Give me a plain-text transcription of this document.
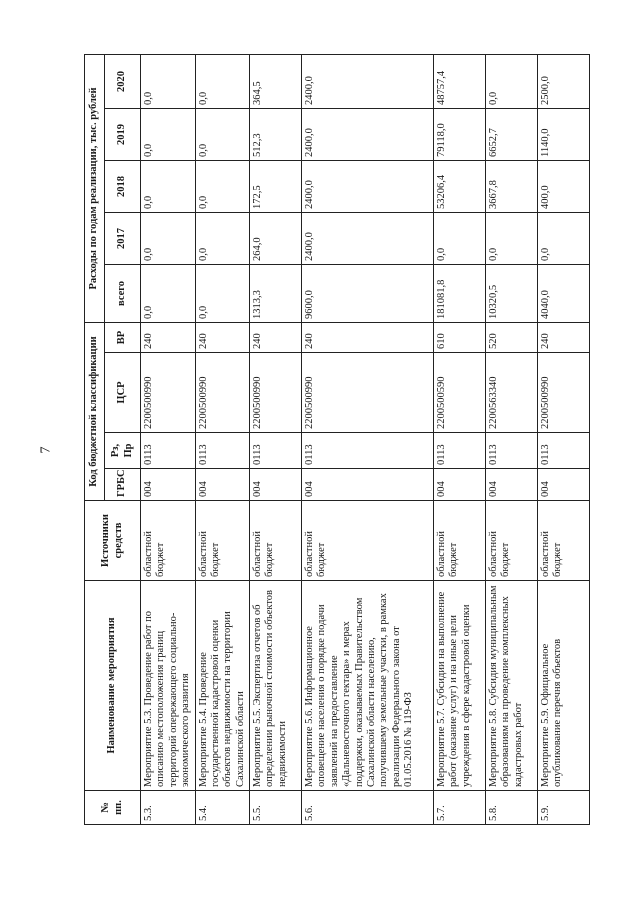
7
№ пп.	Наименование мероприятия	Источники средств	Код бюджетной классификации				Расходы по годам реализации, тыс. рублей				
			ГРБС	Рз, Пр	ЦСР	ВР	всего	2017	2018	2019	2020
5.3.	Мероприятие 5.3. Проведение работ по описанию местоположения границ территорий опережающего социально-экономического развития	областной бюджет	004	0113	2200500990	240	0,0	0,0	0,0	0,0	0,0
5.4.	Мероприятие 5.4. Проведение государственной кадастровой оценки объектов недвижимости на территории Сахалинской области	областной бюджет	004	0113	2200500990	240	0,0	0,0	0,0	0,0	0,0
5.5.	Мероприятие 5.5. Экспертиза отчетов об определении рыночной стоимости объектов недвижимости	областной бюджет	004	0113	2200500990	240	1313,3	264,0	172,5	512,3	364,5
5.6.	Мероприятие 5.6. Информационное оповещение населения о порядке подачи заявлений на предоставление «Дальневосточного гектара» и мерах поддержки, оказываемых Правительством Сахалинской области населению, получившему земельные участки, в рамках реализации Федерального закона от 01.05.2016 № 119-ФЗ	областной бюджет	004	0113	2200500990	240	9600,0	2400,0	2400,0	2400,0	2400,0
5.7.	Мероприятие 5.7. Субсидии на выполнение работ (оказание услуг) и на иные цели учреждения в сфере кадастровой оценки	областной бюджет	004	0113	2200500590	610	181081,8	0,0	53206,4	79118,0	48757,4
5.8.	Мероприятие 5.8. Субсидия муниципальным образованиям на проведение комплексных кадастровых работ	областной бюджет	004	0113	2200563340	520	10320,5	0,0	3667,8	6652,7	0,0
5.9.	Мероприятие 5.9. Официальное опубликование перечня объектов	областной бюджет	004	0113	2200500990	240	4040,0	0,0	400,0	1140,0	2500,0
